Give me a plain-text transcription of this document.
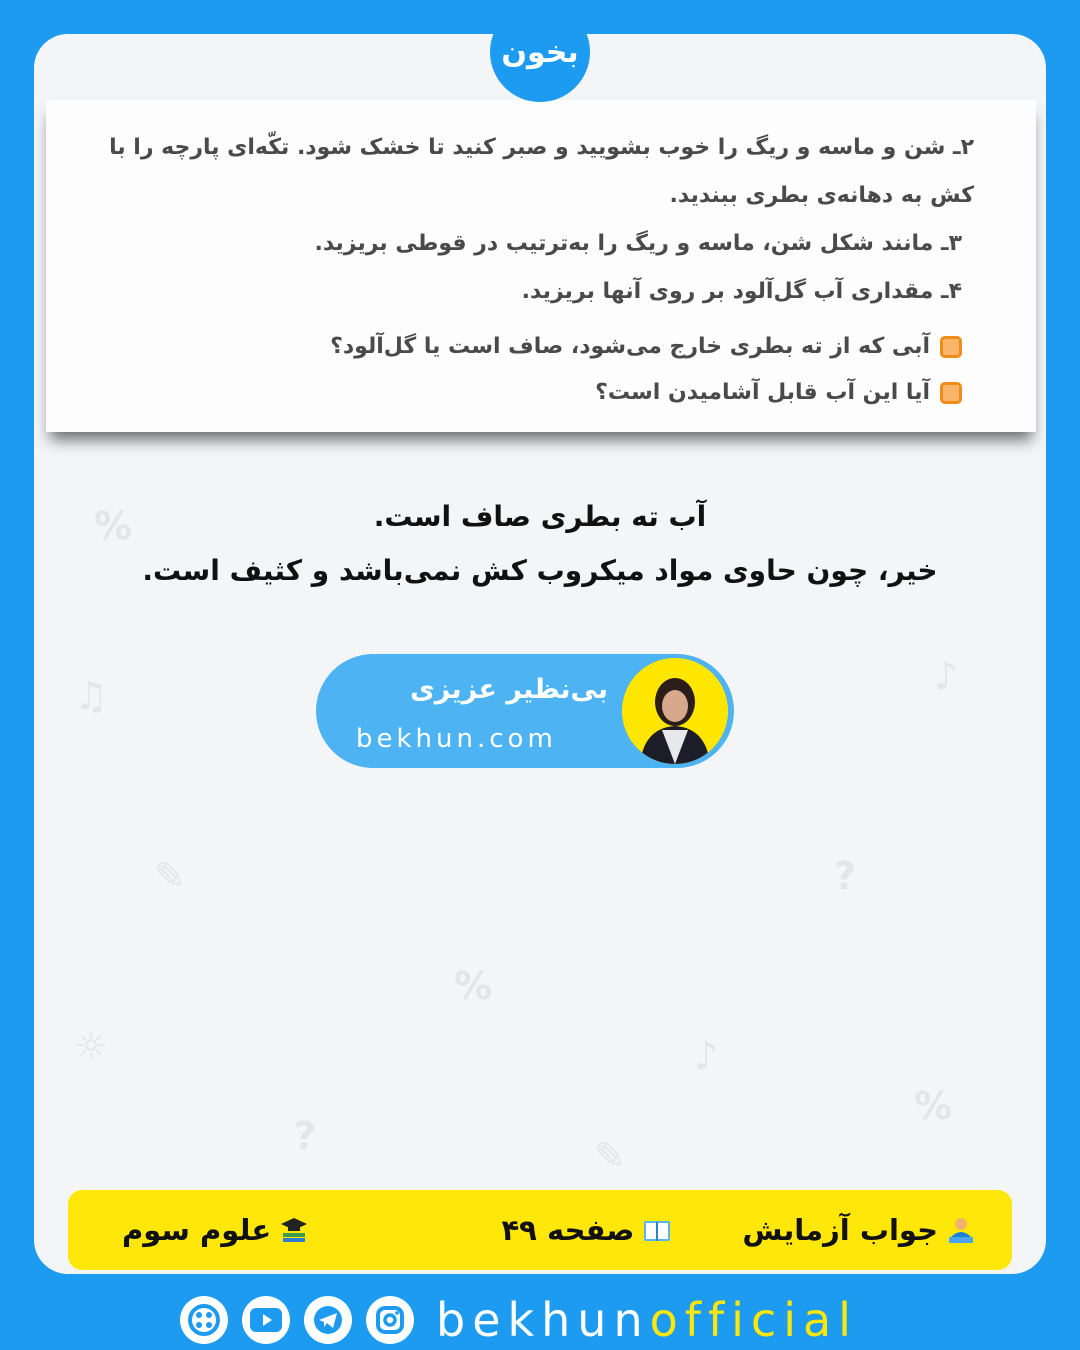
%
♫	♪
✎	?
☼
%
♪
?
%
✎
بخون
۲ـ شن و ماسه و ریگ را خوب بشویید و صبر کنید تا خشک شود. تکّه‌ای پارچه را با
کش به دهانه‌ی بطری ببندید.
۳ـ مانند شکل شن، ماسه و ریگ را به‌ترتیب در قوطی بریزید.
۴ـ مقداری آب گل‌آلود بر روی آنها بریزید.
آبی که از ته بطری خارج می‌شود، صاف است یا گل‌آلود؟
آیا این آب قابل آشامیدن است؟
آب ته بطری صاف است.
خیر، چون حاوی مواد میکروب کش نمی‌باشد و کثیف است.
بی‌نظیر عزیزی
bekhun.com
جواب آزمایش
صفحه ۴۹
علوم سوم
bekhunofficial
